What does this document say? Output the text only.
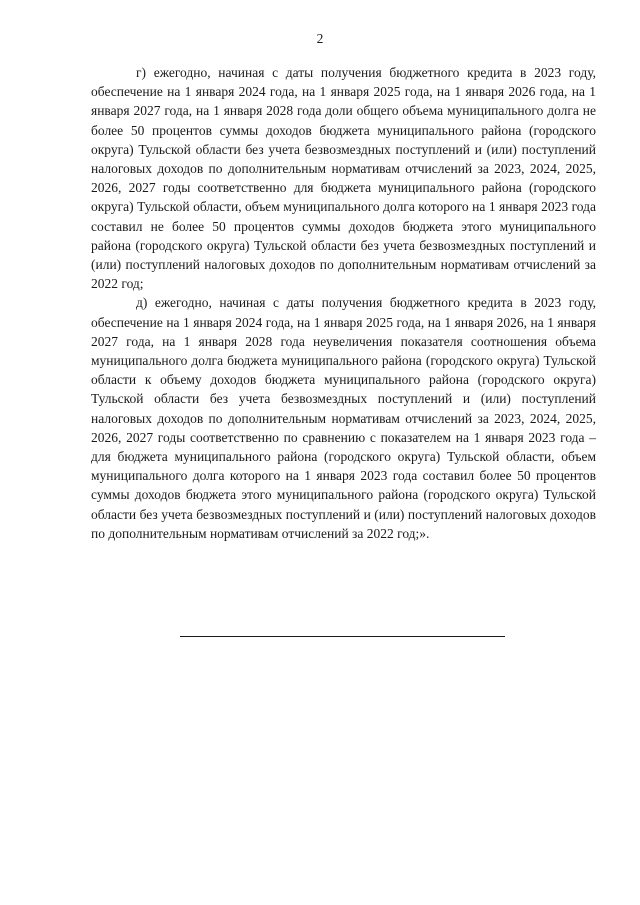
2

г) ежегодно, начиная с даты получения бюджетного кредита в 2023 году, обеспечение на 1 января 2024 года, на 1 января 2025 года, на 1 января 2026 года, на 1 января 2027 года, на 1 января 2028 года доли общего объема муниципального долга не более 50 процентов суммы доходов бюджета муниципального района (городского округа) Тульской области без учета безвозмездных поступлений и (или) поступлений налоговых доходов по дополнительным нормативам отчислений за 2023, 2024, 2025, 2026, 2027 годы соответственно для бюджета муниципального района (городского округа) Тульской области, объем муниципального долга которого на 1 января 2023 года составил не более 50 процентов суммы доходов бюджета этого муниципального района (городского округа) Тульской области без учета безвозмездных поступлений и (или) поступлений налоговых доходов по дополнительным нормативам отчислений за 2022 год;

д) ежегодно, начиная с даты получения бюджетного кредита в 2023 году, обеспечение на 1 января 2024 года, на 1 января 2025 года, на 1 января 2026, на 1 января 2027 года, на 1 января 2028 года неувеличения показателя соотношения объема муниципального долга бюджета муниципального района (городского округа) Тульской области к объему доходов бюджета муниципального района (городского округа) Тульской области без учета безвозмездных поступлений и (или) поступлений налоговых доходов по дополнительным нормативам отчислений за 2023, 2024, 2025, 2026, 2027 годы соответственно по сравнению с показателем на 1 января 2023 года – для бюджета муниципального района (городского округа) Тульской области, объем муниципального долга которого на 1 января 2023 года составил более 50 процентов суммы доходов бюджета этого муниципального района (городского округа) Тульской области без учета безвозмездных поступлений и (или) поступлений налоговых доходов по дополнительным нормативам отчислений за 2022 год;».
